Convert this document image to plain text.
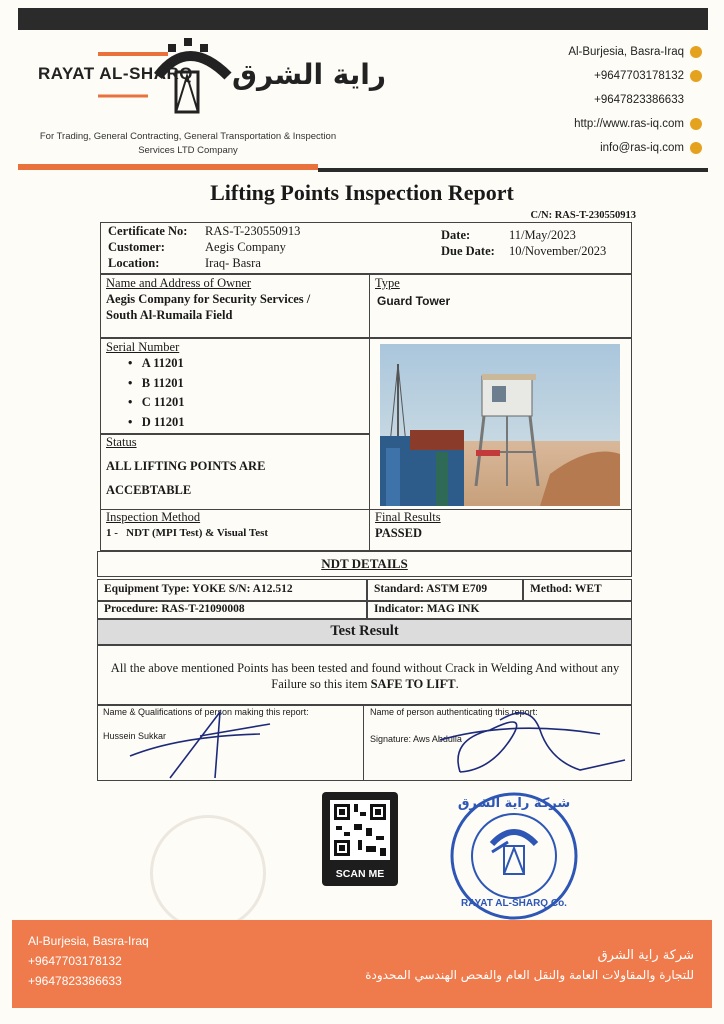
RAYAT AL-SHARQ راية الشرق
For Trading, General Contracting, General Transportation & Inspection Services LTD Company
Al-Burjesia, Basra-Iraq
+9647703178132
+9647823386633
http://www.ras-iq.com
info@ras-iq.com
Lifting Points Inspection Report
C/N: RAS-T-230550913
Certificate No: RAS-T-230550913
Customer:	Aegis Company
Location:	Iraq- Basra
Date:	11/May/2023
Due Date: 10/November/2023
Name and Address of Owner
Aegis Company for Security Services /
South Al-Rumaila Field
Type
Guard Tower
Serial Number
•   A 11201
•   B 11201
•   C 11201
•   D 11201
Status
ALL LIFTING POINTS ARE
ACCEBTABLE
Inspection Method
1 -   NDT (MPI Test) & Visual Test
Final Results
PASSED
NDT DETAILS
Equipment Type: YOKE S/N: A12.512	Standard: ASTM E709	Method: WET
Procedure: RAS-T-21090008	Indicator: MAG INK
Test Result
All the above mentioned Points has been tested and found without Crack in Welding And without any Failure so this item SAFE TO LIFT.
Name & Qualifications of person making this report:
Hussein Sukkar
Name of person authenticating this report:
Signature: Aws Abdulla
SCAN ME
شركة راية الشرق
RAYAT AL-SHARQ Co.
Al-Burjesia, Basra-Iraq
+9647703178132
+9647823386633
شركة راية الشرق
للتجارة والمقاولات العامة والنقل العام والفحص الهندسي المحدودة
